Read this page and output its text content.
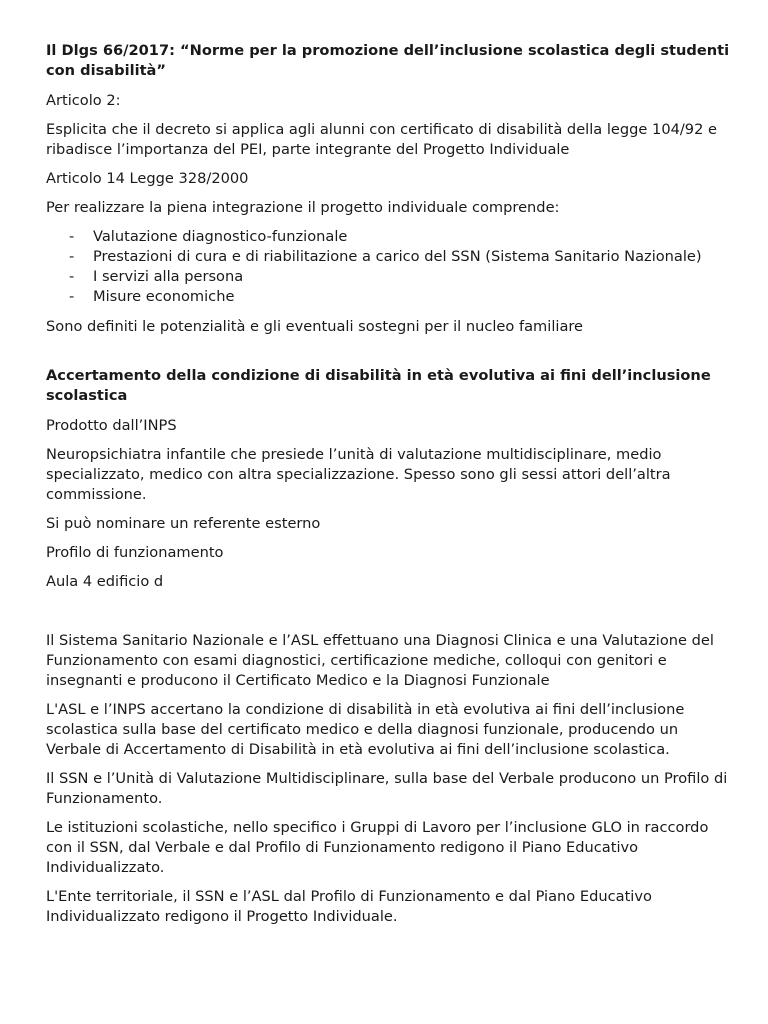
Il Dlgs 66/2017: “Norme per la promozione dell’inclusione scolastica degli studenti con disabilità”

Articolo 2:

Esplicita che il decreto si applica agli alunni con certificato di disabilità della legge 104/92 e ribadisce l’importanza del PEI, parte integrante del Progetto Individuale

Articolo 14 Legge 328/2000

Per realizzare la piena integrazione il progetto individuale comprende:

- Valutazione diagnostico-funzionale
- Prestazioni di cura e di riabilitazione a carico del SSN (Sistema Sanitario Nazionale)
- I servizi alla persona
- Misure economiche

Sono definiti le potenzialità e gli eventuali sostegni per il nucleo familiare

Accertamento della condizione di disabilità in età evolutiva ai fini dell’inclusione scolastica

Prodotto dall’INPS

Neuropsichiatra infantile che presiede l’unità di valutazione multidisciplinare, medio specializzato, medico con altra specializzazione. Spesso sono gli sessi attori dell’altra commissione.

Si può nominare un referente esterno

Profilo di funzionamento

Aula 4 edificio d

Il Sistema Sanitario Nazionale e l’ASL effettuano una Diagnosi Clinica e una Valutazione del Funzionamento con esami diagnostici, certificazione mediche, colloqui con genitori e insegnanti e producono il Certificato Medico e la Diagnosi Funzionale

L'ASL e l’INPS accertano la condizione di disabilità in età evolutiva ai fini dell’inclusione scolastica sulla base del certificato medico e della diagnosi funzionale, producendo un Verbale di Accertamento di Disabilità in età evolutiva ai fini dell’inclusione scolastica.

Il SSN e l’Unità di Valutazione Multidisciplinare, sulla base del Verbale producono un Profilo di Funzionamento.

Le istituzioni scolastiche, nello specifico i Gruppi di Lavoro per l’inclusione GLO in raccordo con il SSN, dal Verbale e dal Profilo di Funzionamento redigono il Piano Educativo Individualizzato.

L'Ente territoriale, il SSN e l’ASL dal Profilo di Funzionamento e dal Piano Educativo Individualizzato redigono il Progetto Individuale.
